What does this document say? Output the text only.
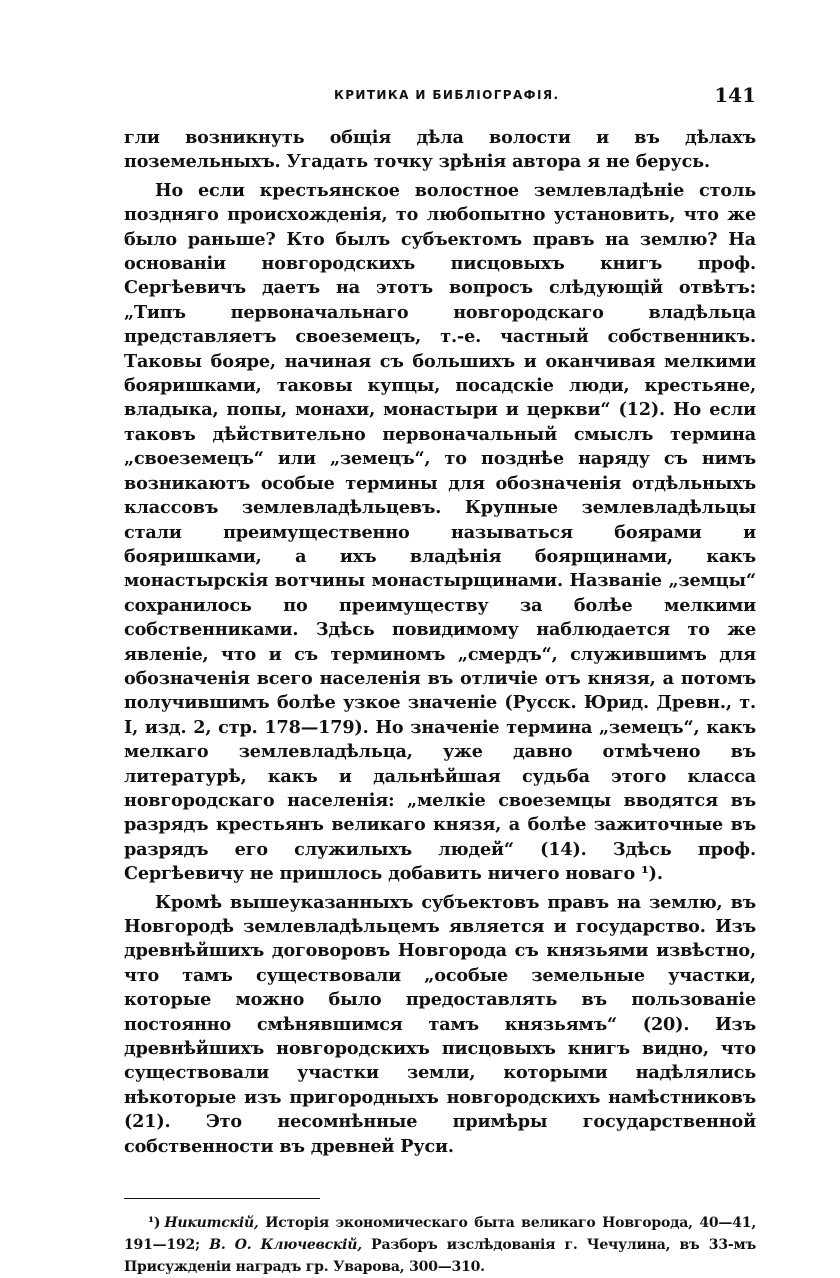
КРИТИКА И БИБЛІОГРАФІЯ.	141

гли возникнуть общія дѣла волости и въ дѣлахъ поземельныхъ. Угадать точку зрѣнія автора я не берусь.

Но если крестьянское волостное землевладѣніе столь поздняго происхожденія, то любопытно установить, что же было раньше? Кто былъ субъектомъ правъ на землю? На основаніи новгородскихъ писцовыхъ книгъ проф. Сергѣевичъ даетъ на этотъ вопросъ слѣдующій отвѣтъ: „Типъ первоначальнаго новгородскаго владѣльца представляетъ своеземецъ, т.-е. частный собственникъ. Таковы бояре, начиная съ большихъ и оканчивая мелкими бояришками, таковы купцы, посадскіе люди, крестьяне, владыка, попы, монахи, монастыри и церкви“ (12). Но если таковъ дѣйствительно первоначальный смыслъ термина „своеземецъ“ или „земецъ“, то позднѣе наряду съ нимъ возникаютъ особые термины для обозначенія отдѣльныхъ классовъ землевладѣльцевъ. Крупные землевладѣльцы стали преимущественно называться боярами и бояришками, а ихъ владѣнія боярщинами, какъ монастырскія вотчины монастырщинами. Названіе „земцы“ сохранилось по преимуществу за болѣе мелкими собственниками. Здѣсь повидимому наблюдается то же явленіе, что и съ терминомъ „смердъ“, служившимъ для обозначенія всего населенія въ отличіе отъ князя, а потомъ получившимъ болѣе узкое значеніе (Русск. Юрид. Древн., т. I, изд. 2, стр. 178—179). Но значеніе термина „земецъ“, какъ мелкаго землевладѣльца, уже давно отмѣчено въ литературѣ, какъ и дальнѣйшая судьба этого класса новгородскаго населенія: „мелкіе своеземцы вводятся въ разрядъ крестьянъ великаго князя, а болѣе зажиточные въ разрядъ его служилыхъ людей“ (14). Здѣсь проф. Сергѣевичу не пришлось добавить ничего новаго ¹).

Кромѣ вышеуказанныхъ субъектовъ правъ на землю, въ Новгородѣ землевладѣльцемъ является и государство. Изъ древнѣйшихъ договоровъ Новгорода съ князьями извѣстно, что тамъ существовали „особые земельные участки, которые можно было предоставлять въ пользованіе постоянно смѣнявшимся тамъ князьямъ“ (20). Изъ древнѣйшихъ новгородскихъ писцовыхъ книгъ видно, что существовали участки земли, которыми надѣлялись нѣкоторые изъ пригородныхъ новгородскихъ намѣстниковъ (21). Это несомнѣнные примѣры государственной собственности въ древней Руси.

¹) Никитскій, Исторія экономическаго быта великаго Новгорода, 40—41, 191—192; В. О. Ключевскій, Разборъ изслѣдованія г. Чечулина, въ 33-мъ Присужденіи наградъ гр. Уварова, 300—310.
